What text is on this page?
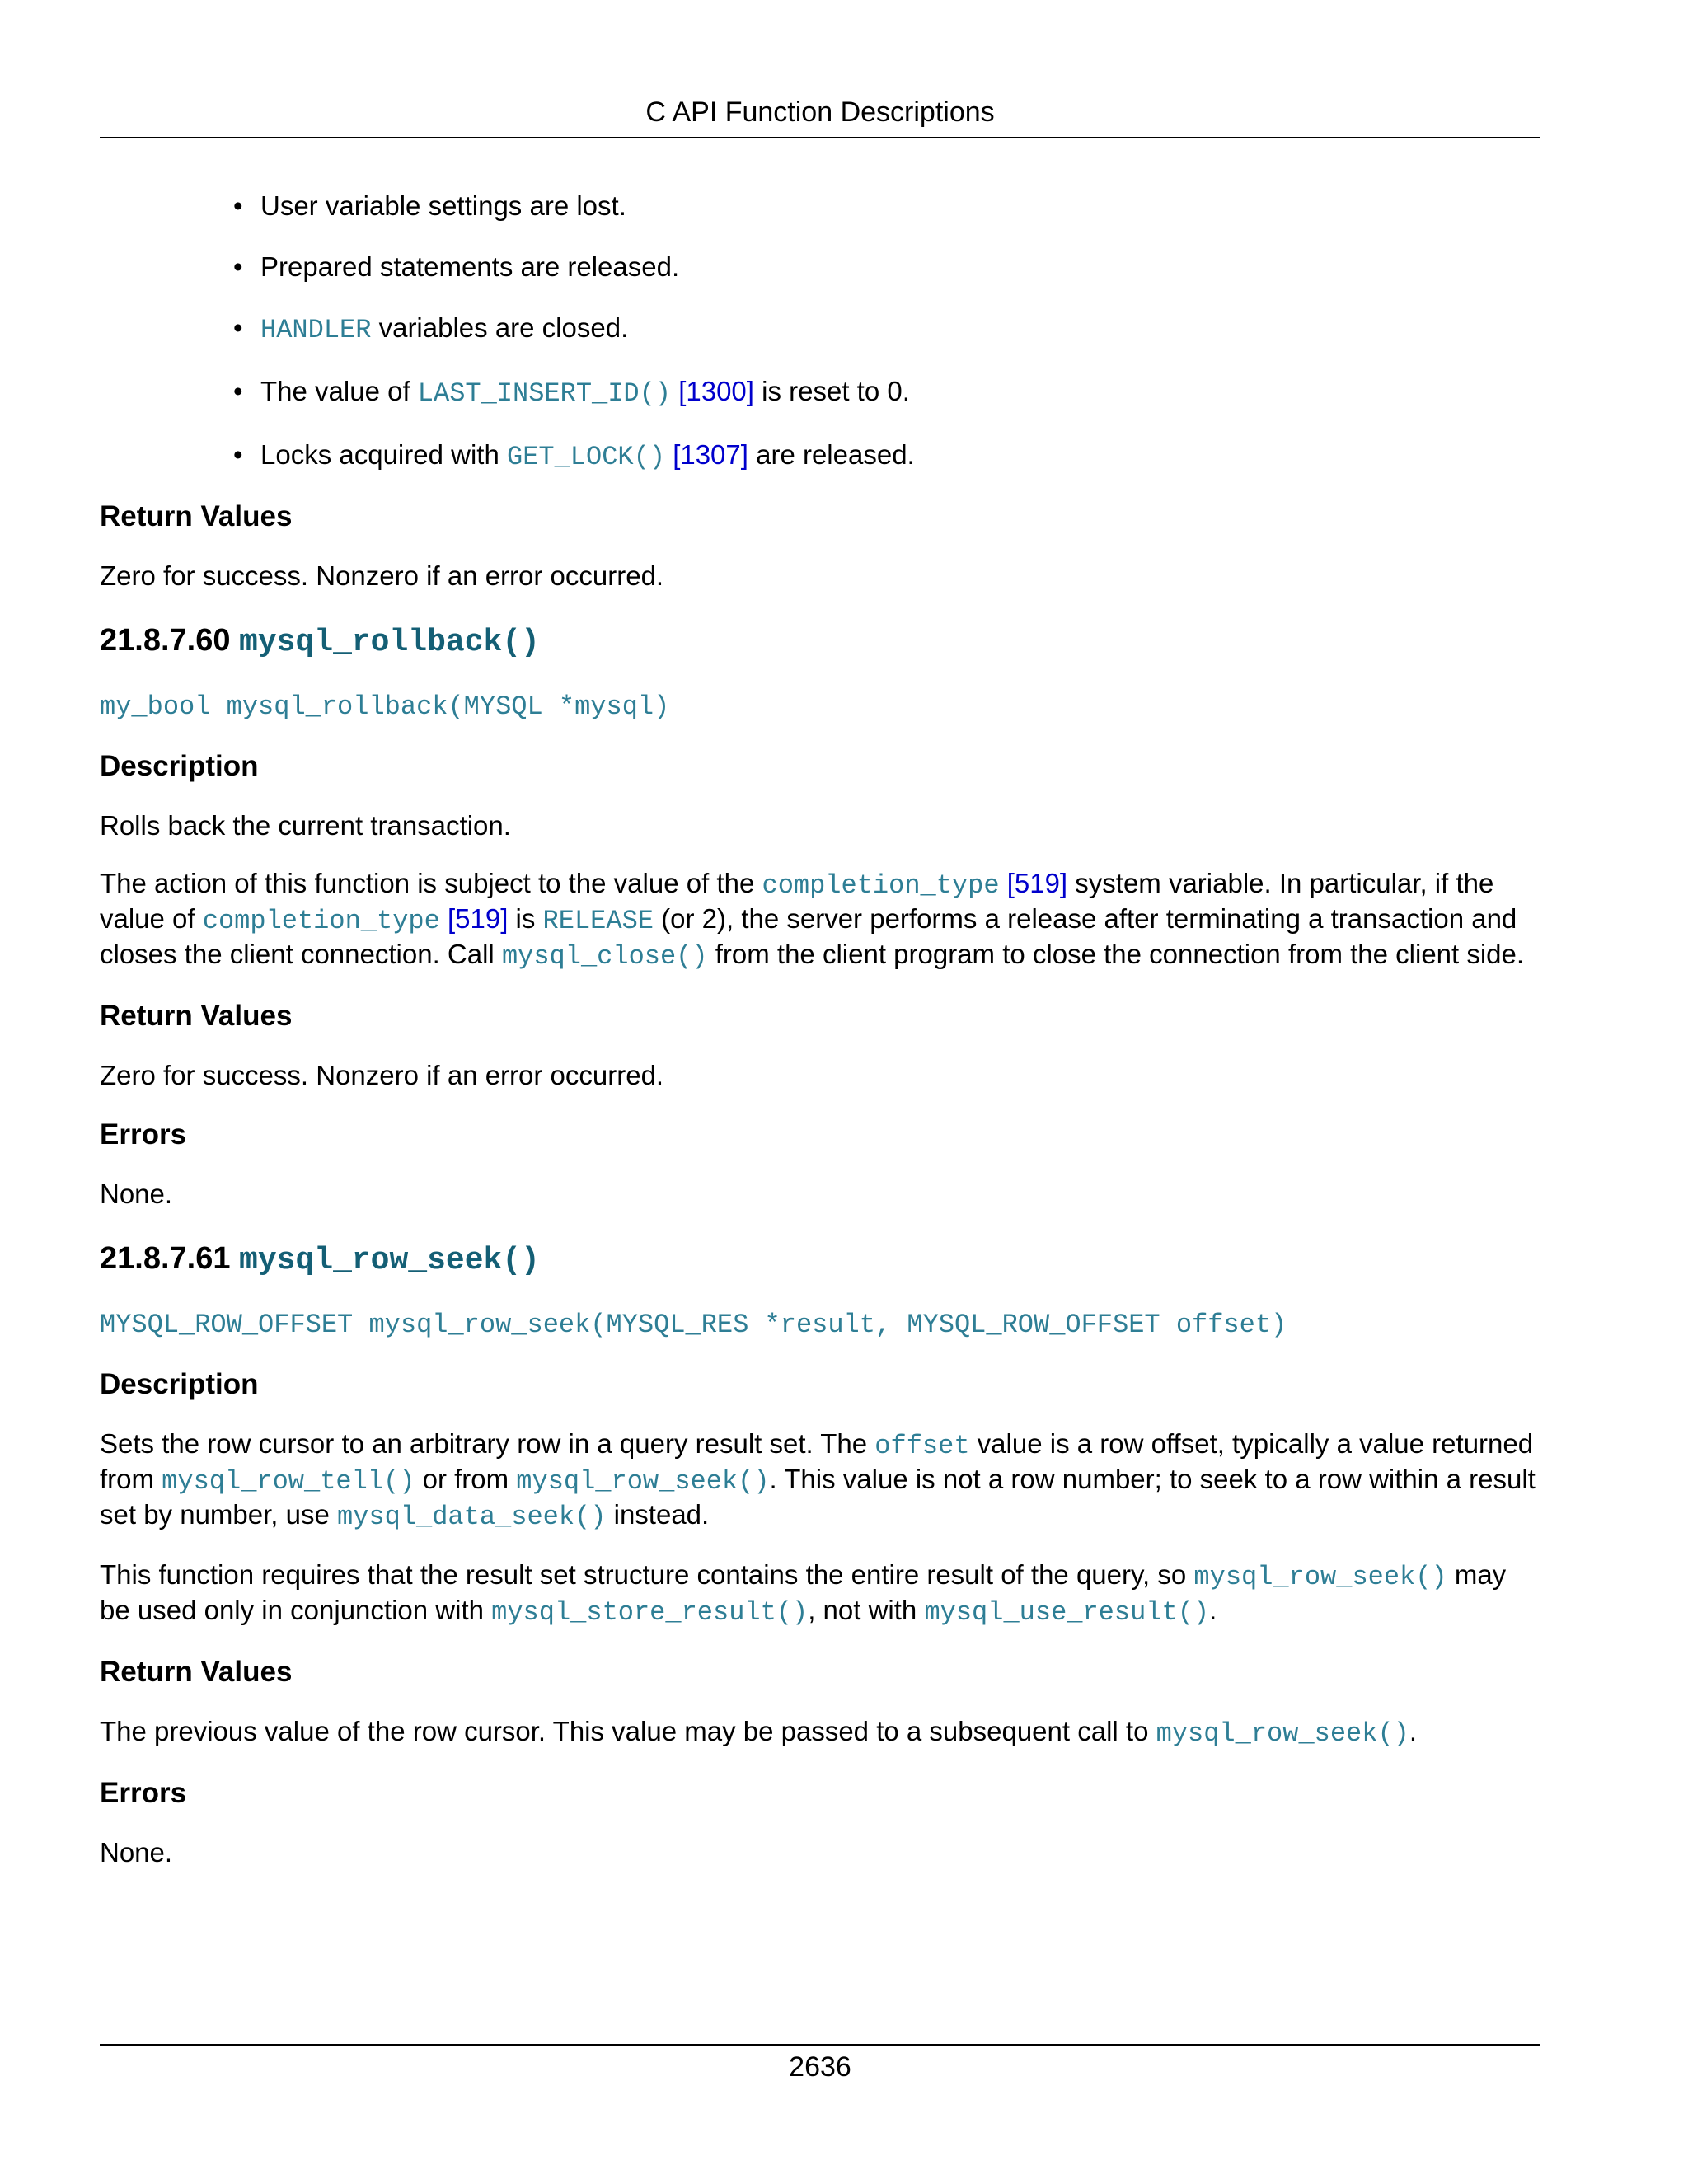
C API Function Descriptions
• User variable settings are lost.
• Prepared statements are released.
• HANDLER variables are closed.
• The value of LAST_INSERT_ID() [1300] is reset to 0.
• Locks acquired with GET_LOCK() [1307] are released.
Return Values

Zero for success. Nonzero if an error occurred.

21.8.7.60 mysql_rollback()

my_bool mysql_rollback(MYSQL *mysql)

Description

Rolls back the current transaction.

The action of this function is subject to the value of the completion_type [519] system variable. In particular, if the value of completion_type [519] is RELEASE (or 2), the server performs a release after terminating a transaction and closes the client connection. Call mysql_close() from the client program to close the connection from the client side.

Return Values

Zero for success. Nonzero if an error occurred.

Errors

None.

21.8.7.61 mysql_row_seek()

MYSQL_ROW_OFFSET mysql_row_seek(MYSQL_RES *result, MYSQL_ROW_OFFSET offset)

Description

Sets the row cursor to an arbitrary row in a query result set. The offset value is a row offset, typically a value returned from mysql_row_tell() or from mysql_row_seek(). This value is not a row number; to seek to a row within a result set by number, use mysql_data_seek() instead.

This function requires that the result set structure contains the entire result of the query, so mysql_row_seek() may be used only in conjunction with mysql_store_result(), not with mysql_use_result().

Return Values

The previous value of the row cursor. This value may be passed to a subsequent call to mysql_row_seek().

Errors

None.

2636
